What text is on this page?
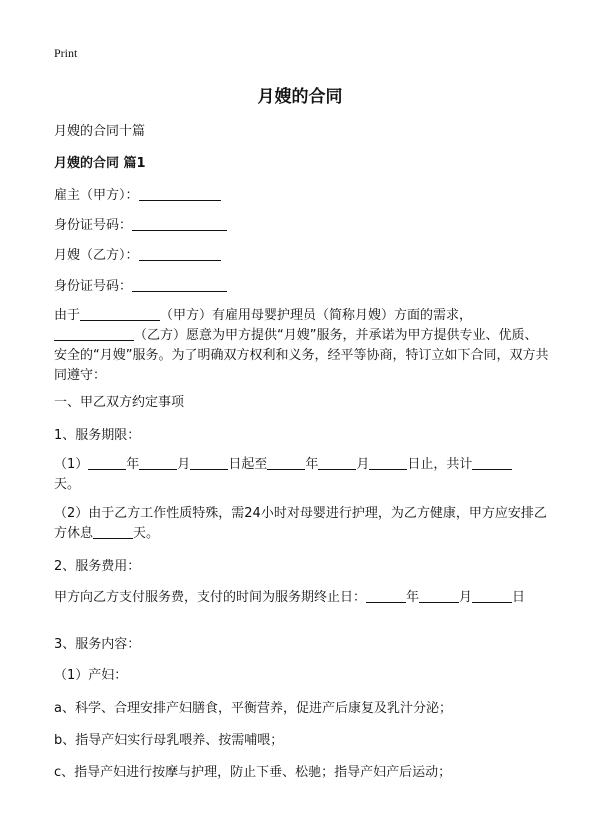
Print
月嫂的合同
月嫂的合同十篇
月嫂的合同 篇1
雇主（甲方）：
身份证号码：
月嫂（乙方）：
身份证号码：
由于	（甲方）有雇用母婴护理员（简称月嫂）方面的需求，
（乙方）愿意为甲方提供“月嫂”服务，并承诺为甲方提供专业、优质、安全的“月嫂”服务。为了明确双方权利和义务，经平等协商，特订立如下合同，双方共同遵守：
一、甲乙双方约定事项
1、服务期限：
（1）	年	月	日起至	年	月	日止，共计
天。
（2）由于乙方工作性质特殊，需24小时对母婴进行护理，为乙方健康，甲方应安排乙方休息	天。
2、服务费用：
甲方向乙方支付服务费，支付的时间为服务期终止日：	年	月	日
3、服务内容：
（1）产妇：
a、科学、合理安排产妇膳食，平衡营养，促进产后康复及乳汁分泌；
b、指导产妇实行母乳喂养、按需哺喂；
c、指导产妇进行按摩与护理，防止下垂、松驰；指导产妇产后运动；
